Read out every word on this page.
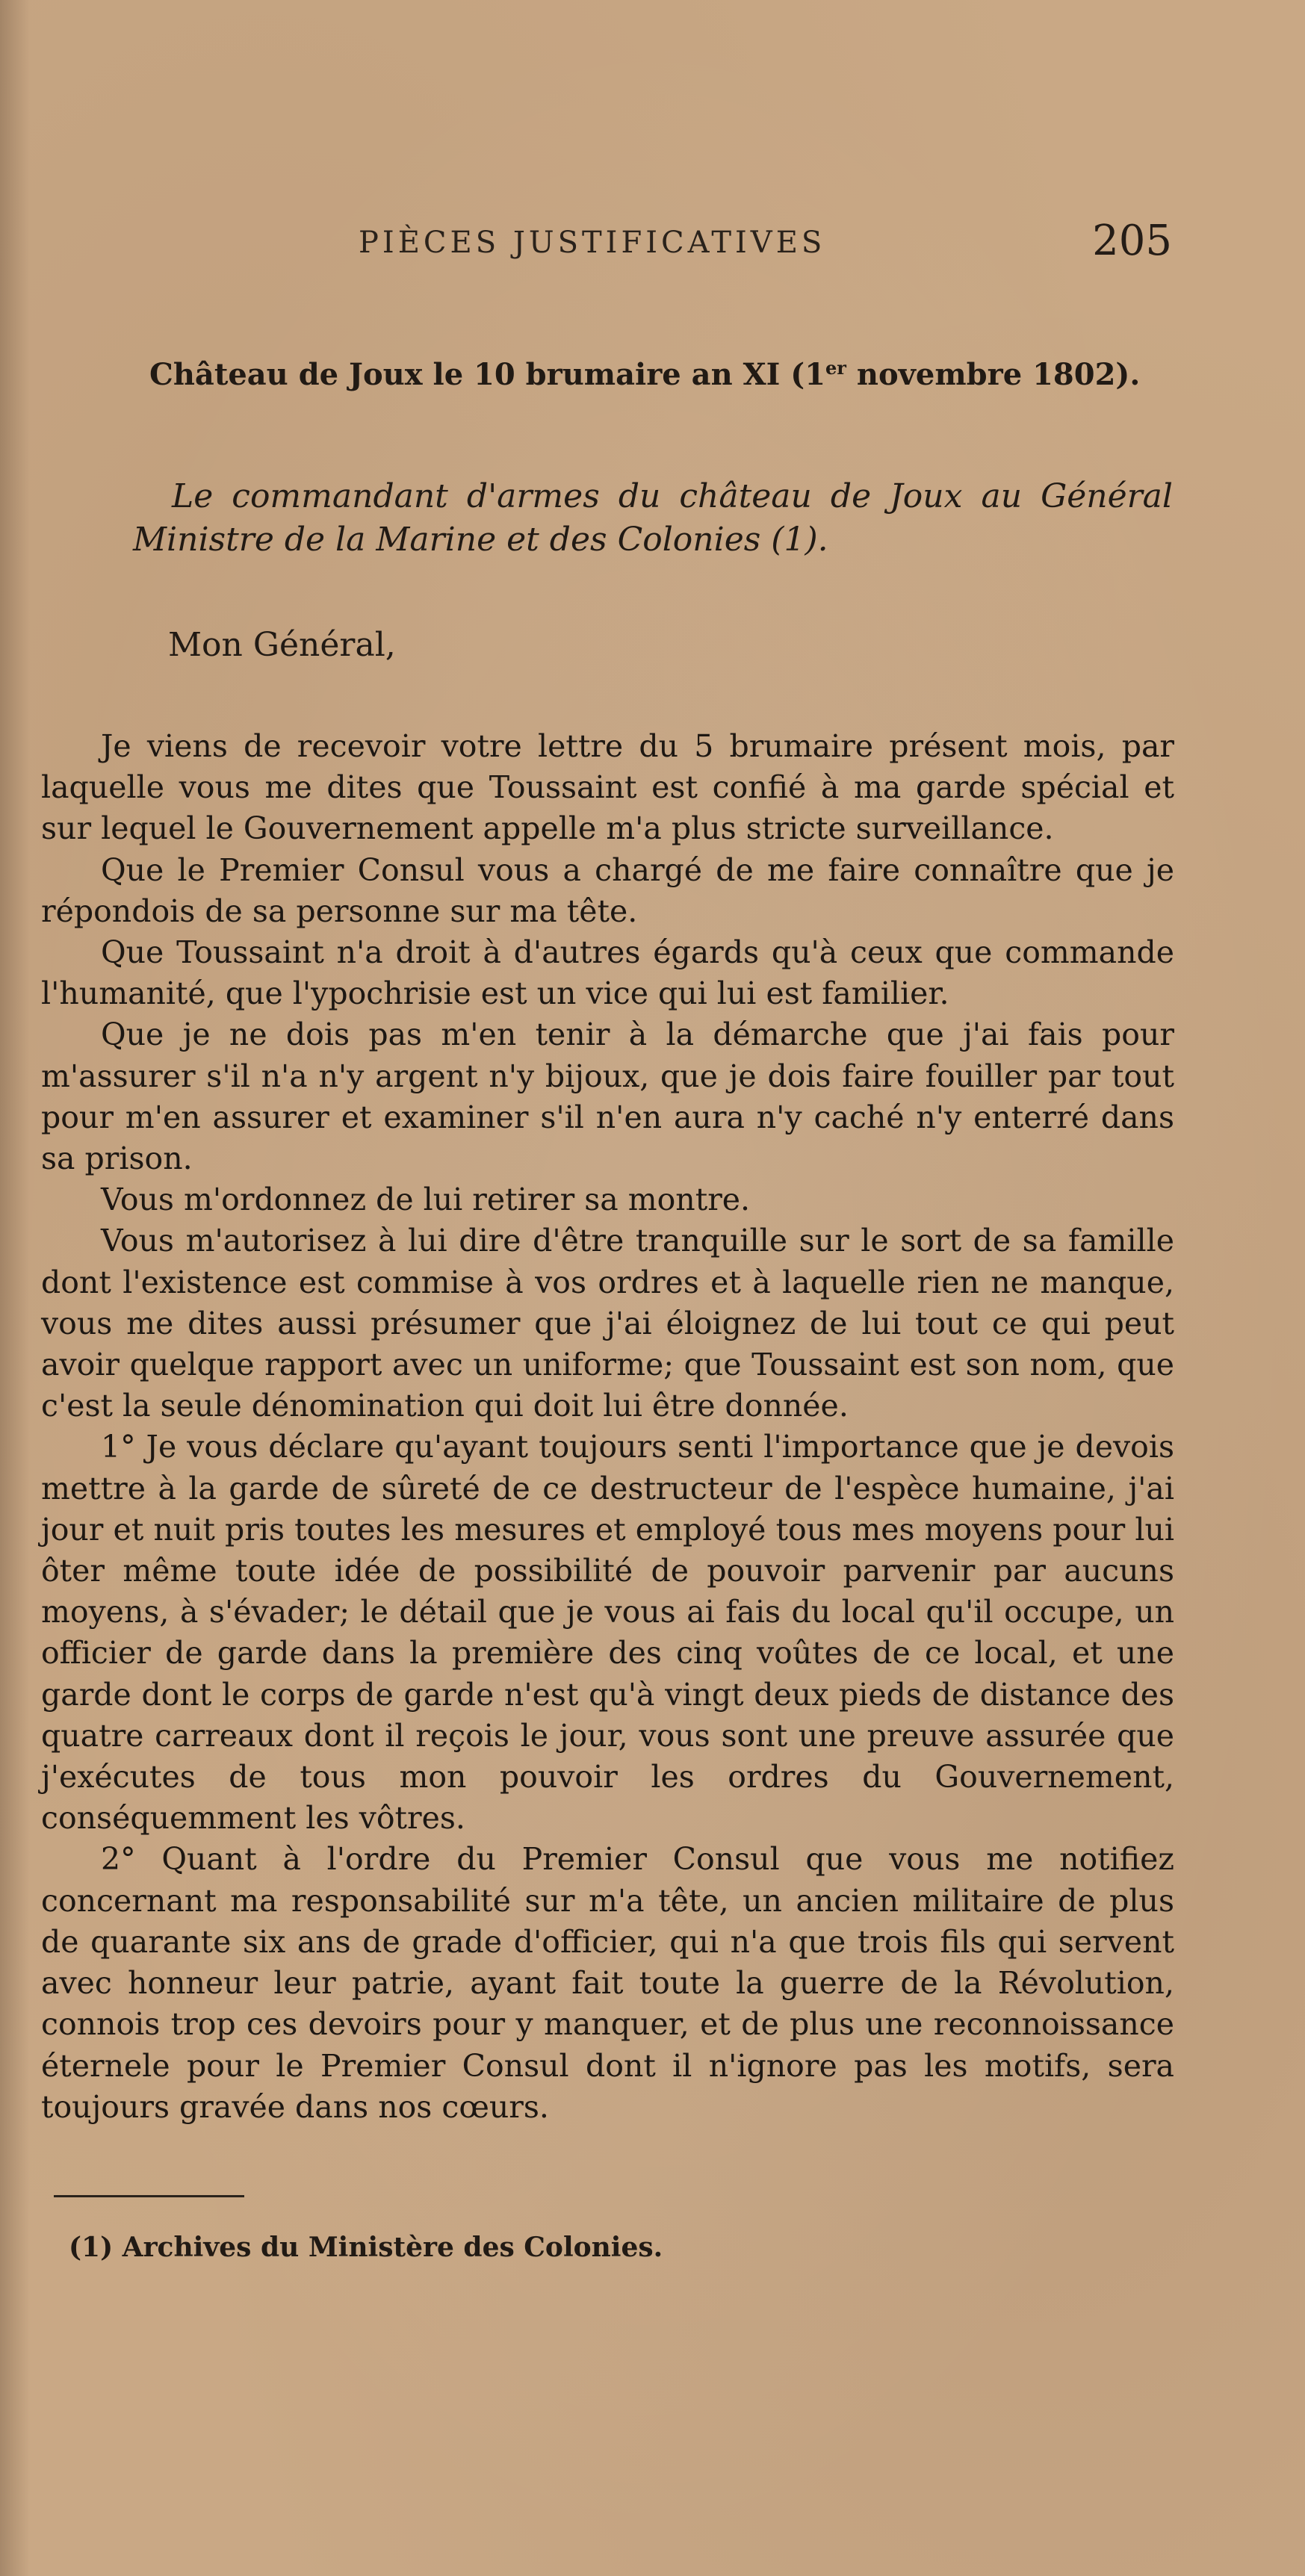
PIÈCES JUSTIFICATIVES	205
Château de Joux le 10 brumaire an XI (1er novembre 1802).
Le commandant d'armes du château de Joux au Général
Ministre de la Marine et des Colonies (1).
Mon Général,

Je viens de recevoir votre lettre du 5 brumaire présent mois, par laquelle vous me dites que Toussaint est confié à ma garde spécial et sur lequel le Gouvernement appelle m'a plus stricte surveillance.

Que le Premier Consul vous a chargé de me faire connaître que je répondois de sa personne sur ma tête.

Que Toussaint n'a droit à d'autres égards qu'à ceux que commande l'humanité, que l'ypochrisie est un vice qui lui est familier.

Que je ne dois pas m'en tenir à la démarche que j'ai fais pour m'assurer s'il n'a n'y argent n'y bijoux, que je dois faire fouiller par tout pour m'en assurer et examiner s'il n'en aura n'y caché n'y enterré dans sa prison.

Vous m'ordonnez de lui retirer sa montre.

Vous m'autorisez à lui dire d'être tranquille sur le sort de sa famille dont l'existence est commise à vos ordres et à laquelle rien ne manque, vous me dites aussi présumer que j'ai éloignez de lui tout ce qui peut avoir quelque rapport avec un uniforme; que Toussaint est son nom, que c'est la seule dénomination qui doit lui être donnée.

1° Je vous déclare qu'ayant toujours senti l'importance que je devois mettre à la garde de sûreté de ce destructeur de l'espèce humaine, j'ai jour et nuit pris toutes les mesures et employé tous mes moyens pour lui ôter même toute idée de possibilité de pouvoir parvenir par aucuns moyens, à s'évader; le détail que je vous ai fais du local qu'il occupe, un officier de garde dans la première des cinq voûtes de ce local, et une garde dont le corps de garde n'est qu'à vingt deux pieds de distance des quatre carreaux dont il reçois le jour, vous sont une preuve assurée que j'exécutes de tous mon pouvoir les ordres du Gouvernement, conséquemment les vôtres.

2° Quant à l'ordre du Premier Consul que vous me notifiez concernant ma responsabilité sur m'a tête, un ancien militaire de plus de quarante six ans de grade d'officier, qui n'a que trois fils qui servent avec honneur leur patrie, ayant fait toute la guerre de la Révolution, connois trop ces devoirs pour y manquer, et de plus une reconnoissance éternele pour le Premier Consul dont il n'ignore pas les motifs, sera toujours gravée dans nos cœurs.

(1) Archives du Ministère des Colonies.
